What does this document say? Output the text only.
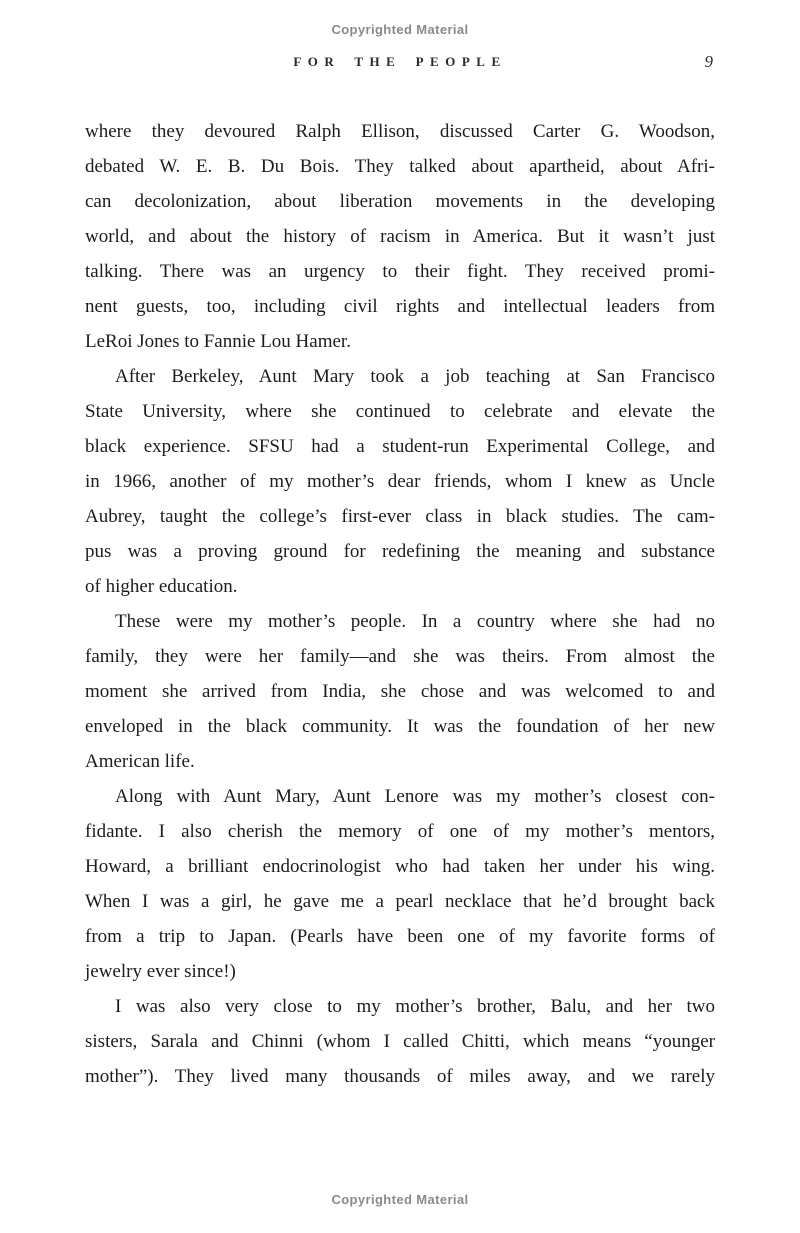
Copyrighted Material
FOR THE PEOPLE	9
where they devoured Ralph Ellison, discussed Carter G. Woodson,
debated W. E. B. Du Bois. They talked about apartheid, about Afri-
can decolonization, about liberation movements in the developing
world, and about the history of racism in America. But it wasn’t just
talking. There was an urgency to their fight. They received promi-
nent guests, too, including civil rights and intellectual leaders from
LeRoi Jones to Fannie Lou Hamer.
After Berkeley, Aunt Mary took a job teaching at San Francisco
State University, where she continued to celebrate and elevate the
black experience. SFSU had a student-run Experimental College, and
in 1966, another of my mother’s dear friends, whom I knew as Uncle
Aubrey, taught the college’s first-ever class in black studies. The cam-
pus was a proving ground for redefining the meaning and substance
of higher education.
These were my mother’s people. In a country where she had no
family, they were her family—and she was theirs. From almost the
moment she arrived from India, she chose and was welcomed to and
enveloped in the black community. It was the foundation of her new
American life.
Along with Aunt Mary, Aunt Lenore was my mother’s closest con-
fidante. I also cherish the memory of one of my mother’s mentors,
Howard, a brilliant endocrinologist who had taken her under his wing.
When I was a girl, he gave me a pearl necklace that he’d brought back
from a trip to Japan. (Pearls have been one of my favorite forms of
jewelry ever since!)
I was also very close to my mother’s brother, Balu, and her two
sisters, Sarala and Chinni (whom I called Chitti, which means “younger
mother”). They lived many thousands of miles away, and we rarely
Copyrighted Material
